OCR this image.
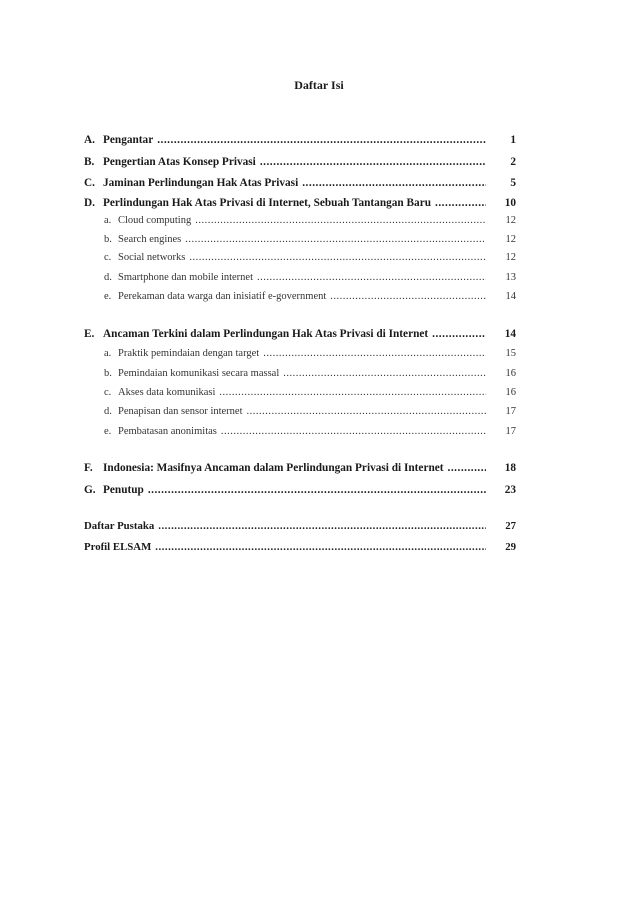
Daftar Isi
A. Pengantar .....	1
B. Pengertian Atas Konsep Privasi .....	2
C. Jaminan Perlindungan Hak Atas Privasi .....	5
D. Perlindungan Hak Atas Privasi di Internet, Sebuah Tantangan Baru .....	10
a. Cloud computing .....	12
b. Search engines .....	12
c. Social networks .....	12
d. Smartphone dan mobile internet .....	13
e. Perekaman data warga dan inisiatif e-government .....	14
E. Ancaman Terkini dalam Perlindungan Hak Atas Privasi di Internet .....	14
a. Praktik pemindaian dengan target .....	15
b. Pemindaian komunikasi secara massal .....	16
c. Akses data komunikasi .....	16
d. Penapisan dan sensor internet .....	17
e. Pembatasan anonimitas .....	17
F. Indonesia: Masifnya Ancaman dalam Perlindungan Privasi di Internet .....	18
G. Penutup .....	23
Daftar Pustaka .....	27
Profil ELSAM .....	29
